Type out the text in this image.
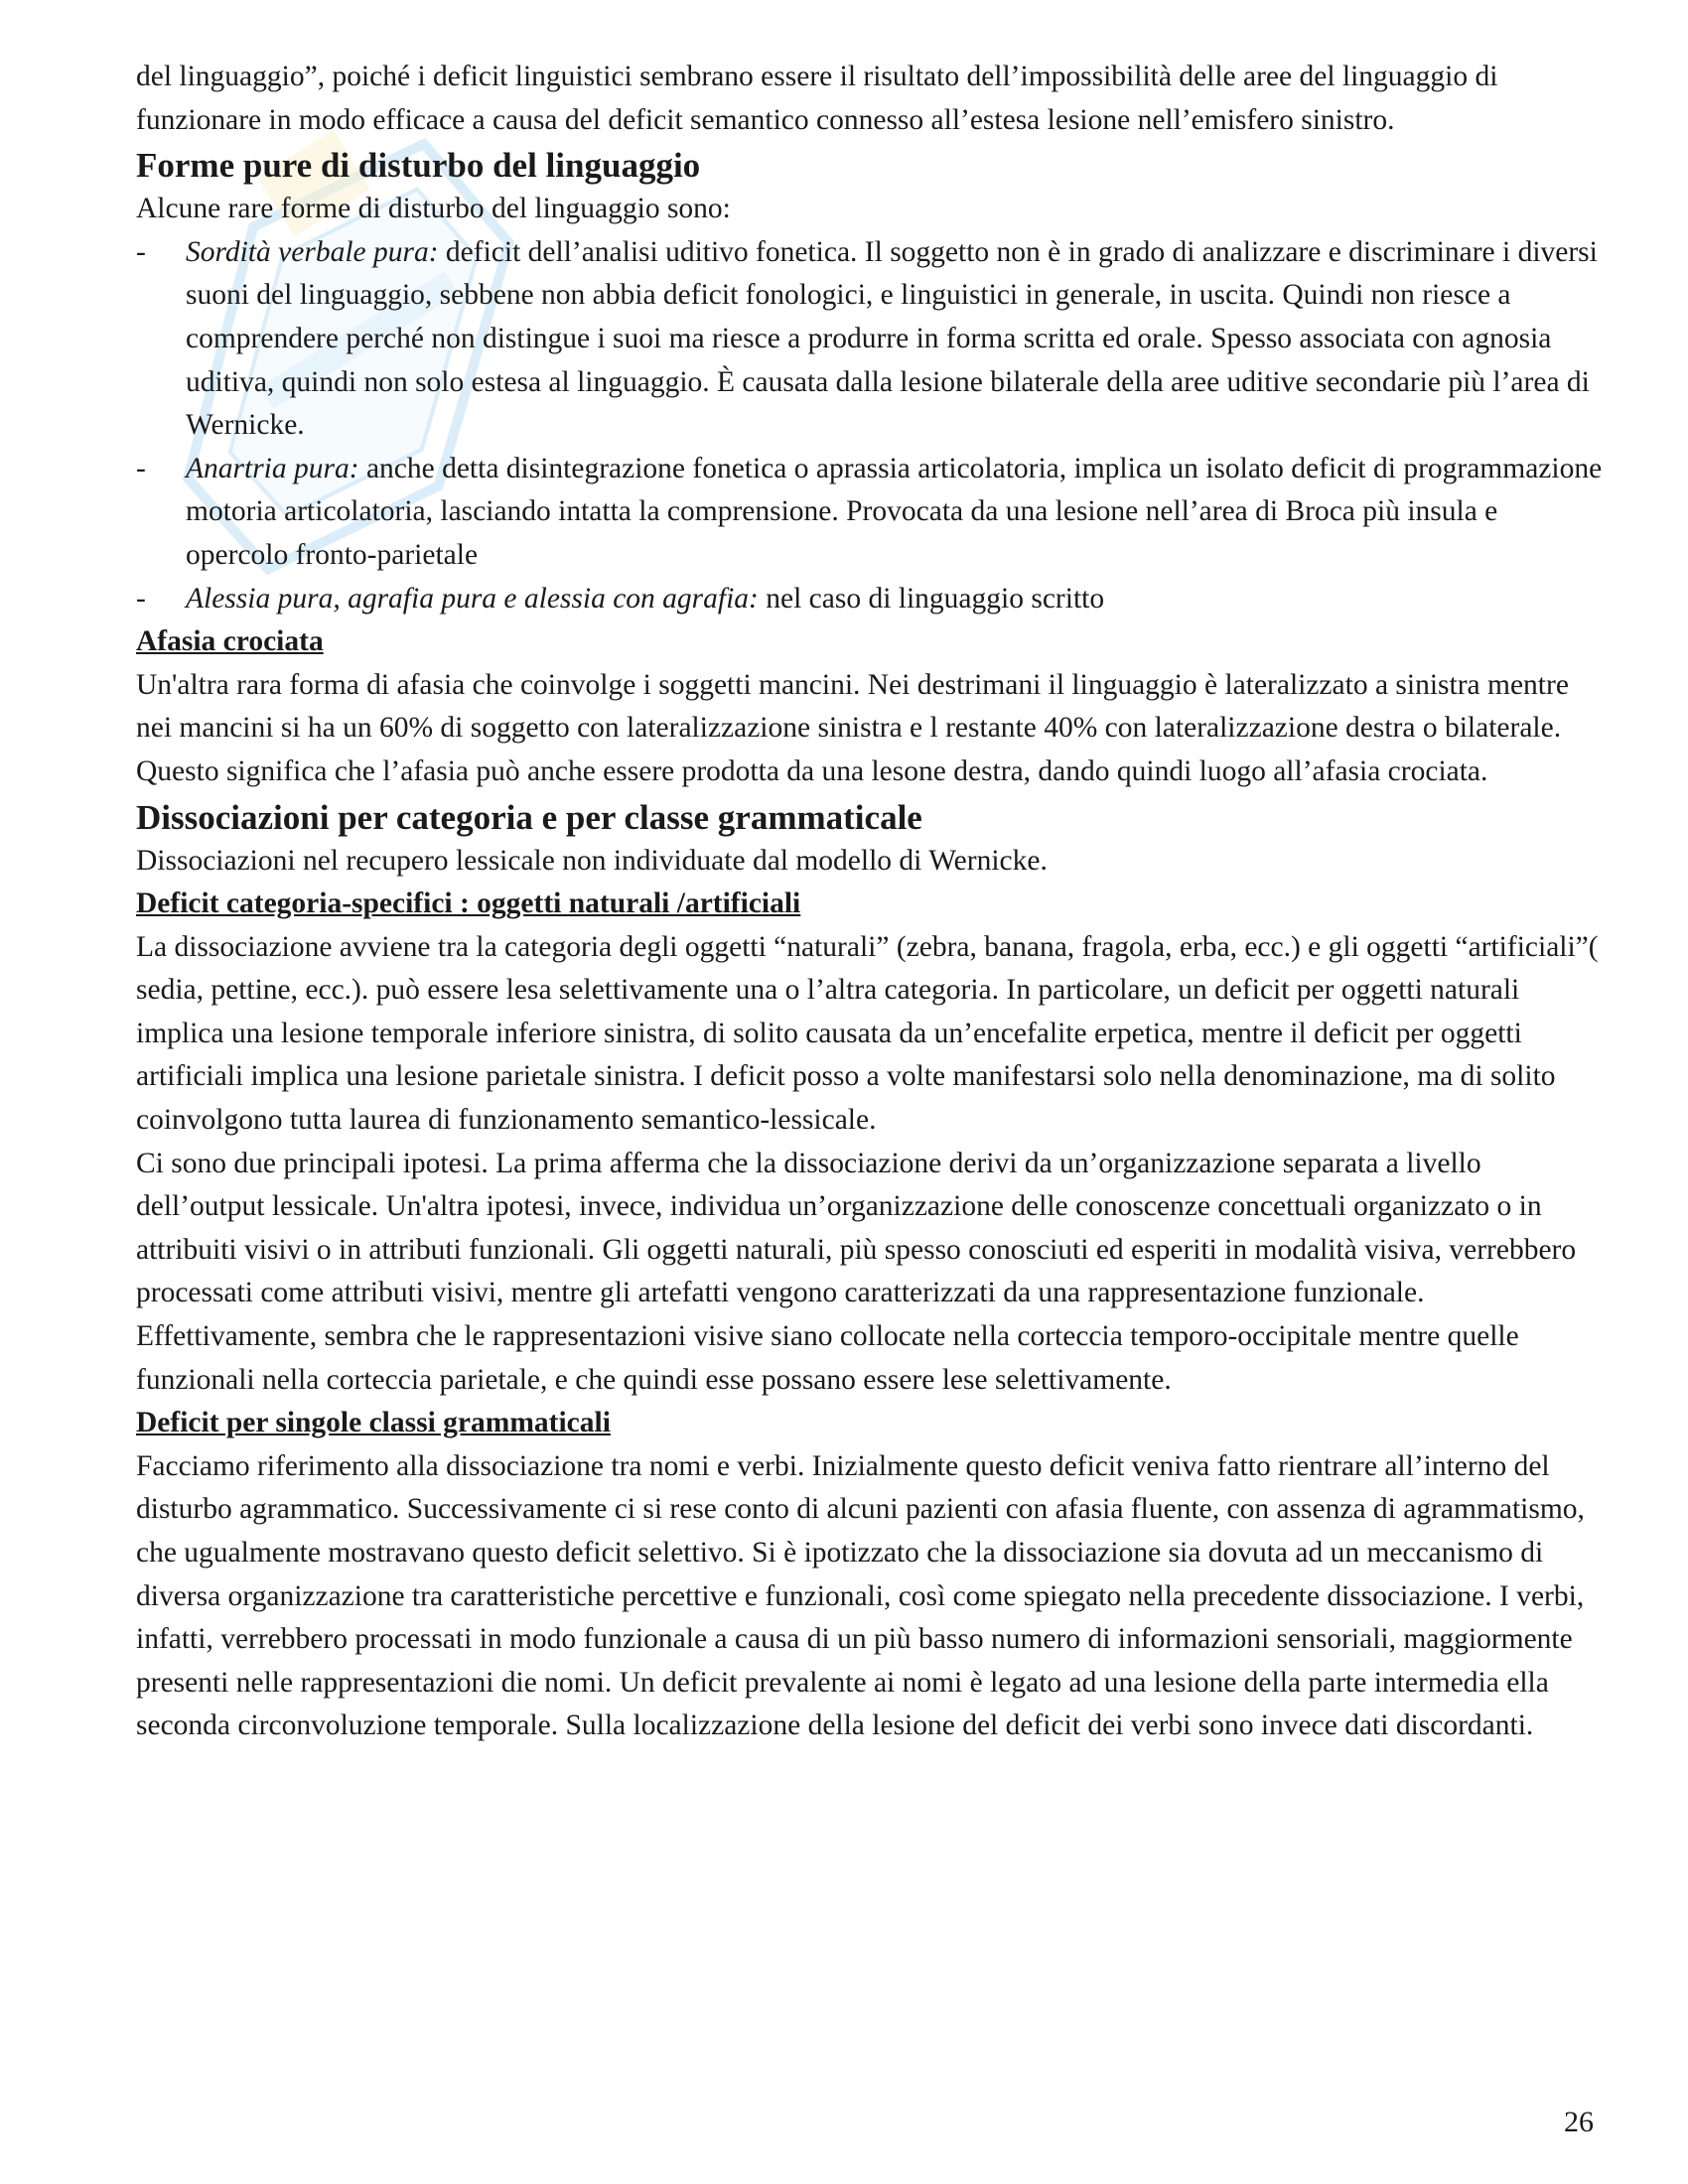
del linguaggio”, poiché i deficit linguistici sembrano essere il risultato dell’impossibilità delle aree del linguaggio di funzionare in modo efficace a causa del deficit semantico connesso all’estesa lesione nell’emisfero sinistro.

Forme pure di disturbo del linguaggio

Alcune rare forme di disturbo del linguaggio sono:

- Sordità verbale pura: deficit dell’analisi uditivo fonetica. Il soggetto non è in grado di analizzare e discriminare i diversi suoni del linguaggio, sebbene non abbia deficit fonologici, e linguistici in generale, in uscita. Quindi non riesce a comprendere perché non distingue i suoi ma riesce a produrre in forma scritta ed orale. Spesso associata con agnosia uditiva, quindi non solo estesa al linguaggio. È causata dalla lesione bilaterale della aree uditive secondarie più l’area di Wernicke.
- Anartria pura: anche detta disintegrazione fonetica o aprassia articolatoria, implica un isolato deficit di programmazione motoria articolatoria, lasciando intatta la comprensione. Provocata da una lesione nell’area di Broca più insula e opercolo fronto-parietale
- Alessia pura, agrafia pura e alessia con agrafia: nel caso di linguaggio scritto
Afasia crociata

Un'altra rara forma di afasia che coinvolge i soggetti mancini. Nei destrimani il linguaggio è lateralizzato a sinistra mentre nei mancini si ha un 60% di soggetto con lateralizzazione sinistra e l restante 40% con lateralizzazione destra o bilaterale. Questo significa che l’afasia può anche essere prodotta da una lesone destra, dando quindi luogo all’afasia crociata.

Dissociazioni per categoria e per classe grammaticale

Dissociazioni nel recupero lessicale non individuate dal modello di Wernicke.

Deficit categoria-specifici : oggetti naturali /artificiali

La dissociazione avviene tra la categoria degli oggetti “naturali” (zebra, banana, fragola, erba, ecc.) e gli oggetti “artificiali”( sedia, pettine, ecc.). può essere lesa selettivamente una o l’altra categoria. In particolare, un deficit per oggetti naturali implica una lesione temporale inferiore sinistra, di solito causata da un’encefalite erpetica, mentre il deficit per oggetti artificiali implica una lesione parietale sinistra. I deficit posso a volte manifestarsi solo nella denominazione, ma di solito coinvolgono tutta laurea di funzionamento semantico-lessicale.

Ci sono due principali ipotesi. La prima afferma che la dissociazione derivi da un’organizzazione separata a livello dell’output lessicale. Un'altra ipotesi, invece, individua un’organizzazione delle conoscenze concettuali organizzato o in attribuiti visivi o in attributi funzionali. Gli oggetti naturali, più spesso conosciuti ed esperiti in modalità visiva, verrebbero processati come attributi visivi, mentre gli artefatti vengono caratterizzati da una rappresentazione funzionale. Effettivamente, sembra che le rappresentazioni visive siano collocate nella corteccia temporo-occipitale mentre quelle funzionali nella corteccia parietale, e che quindi esse possano essere lese selettivamente.

Deficit per singole classi grammaticali

Facciamo riferimento alla dissociazione tra nomi e verbi. Inizialmente questo deficit veniva fatto rientrare all’interno del disturbo agrammatico. Successivamente ci si rese conto di alcuni pazienti con afasia fluente, con assenza di agrammatismo, che ugualmente mostravano questo deficit selettivo. Si è ipotizzato che la dissociazione sia dovuta ad un meccanismo di diversa organizzazione tra caratteristiche percettive e funzionali, così come spiegato nella precedente dissociazione. I verbi, infatti, verrebbero processati in modo funzionale a causa di un più basso numero di informazioni sensoriali, maggiormente presenti nelle rappresentazioni die nomi. Un deficit prevalente ai nomi è legato ad una lesione della parte intermedia ella seconda circonvoluzione temporale. Sulla localizzazione della lesione del deficit dei verbi sono invece dati discordanti.

26
